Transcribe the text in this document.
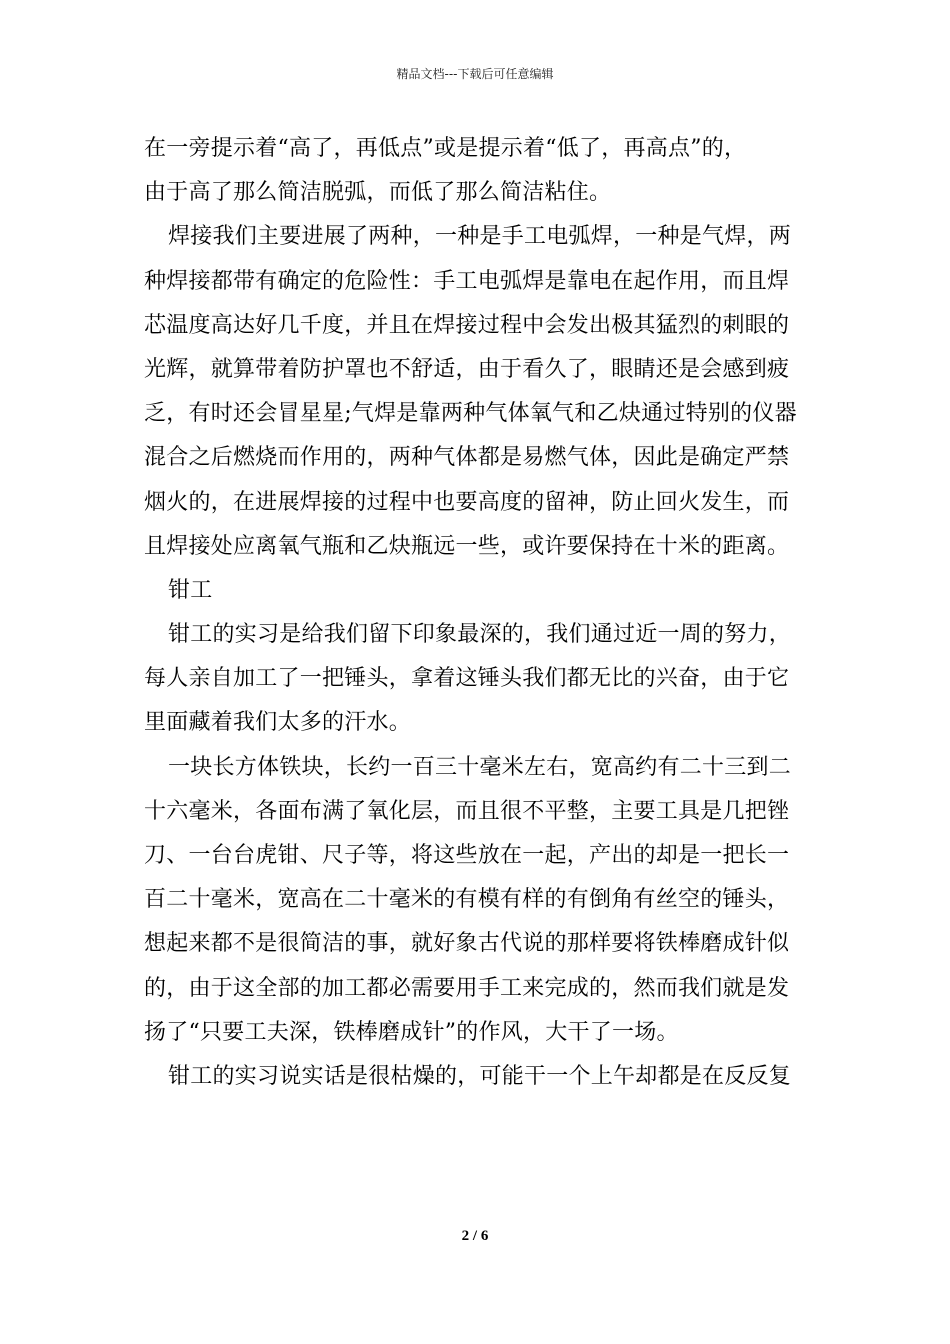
精品文档---下载后可任意编辑
在一旁提示着“高了，再低点”或是提示着“低了，再高点”的，
由于高了那么简洁脱弧，而低了那么简洁粘住。
焊接我们主要进展了两种，一种是手工电弧焊，一种是气焊，两
种焊接都带有确定的危险性：手工电弧焊是靠电在起作用，而且焊
芯温度高达好几千度，并且在焊接过程中会发出极其猛烈的刺眼的
光辉，就算带着防护罩也不舒适，由于看久了，眼睛还是会感到疲
乏，有时还会冒星星;气焊是靠两种气体氧气和乙炔通过特别的仪器
混合之后燃烧而作用的，两种气体都是易燃气体，因此是确定严禁
烟火的，在进展焊接的过程中也要高度的留神，防止回火发生，而
且焊接处应离氧气瓶和乙炔瓶远一些，或许要保持在十米的距离。
钳工
钳工的实习是给我们留下印象最深的，我们通过近一周的努力，
每人亲自加工了一把锤头，拿着这锤头我们都无比的兴奋，由于它
里面藏着我们太多的汗水。
一块长方体铁块，长约一百三十毫米左右，宽高约有二十三到二
十六毫米，各面布满了氧化层，而且很不平整，主要工具是几把锉
刀、一台台虎钳、尺子等，将这些放在一起，产出的却是一把长一
百二十毫米，宽高在二十毫米的有模有样的有倒角有丝空的锤头，
想起来都不是很简洁的事，就好象古代说的那样要将铁棒磨成针似
的，由于这全部的加工都必需要用手工来完成的，然而我们就是发
扬了“只要工夫深，铁棒磨成针”的作风，大干了一场。
钳工的实习说实话是很枯燥的，可能干一个上午却都是在反反复
2 / 6
